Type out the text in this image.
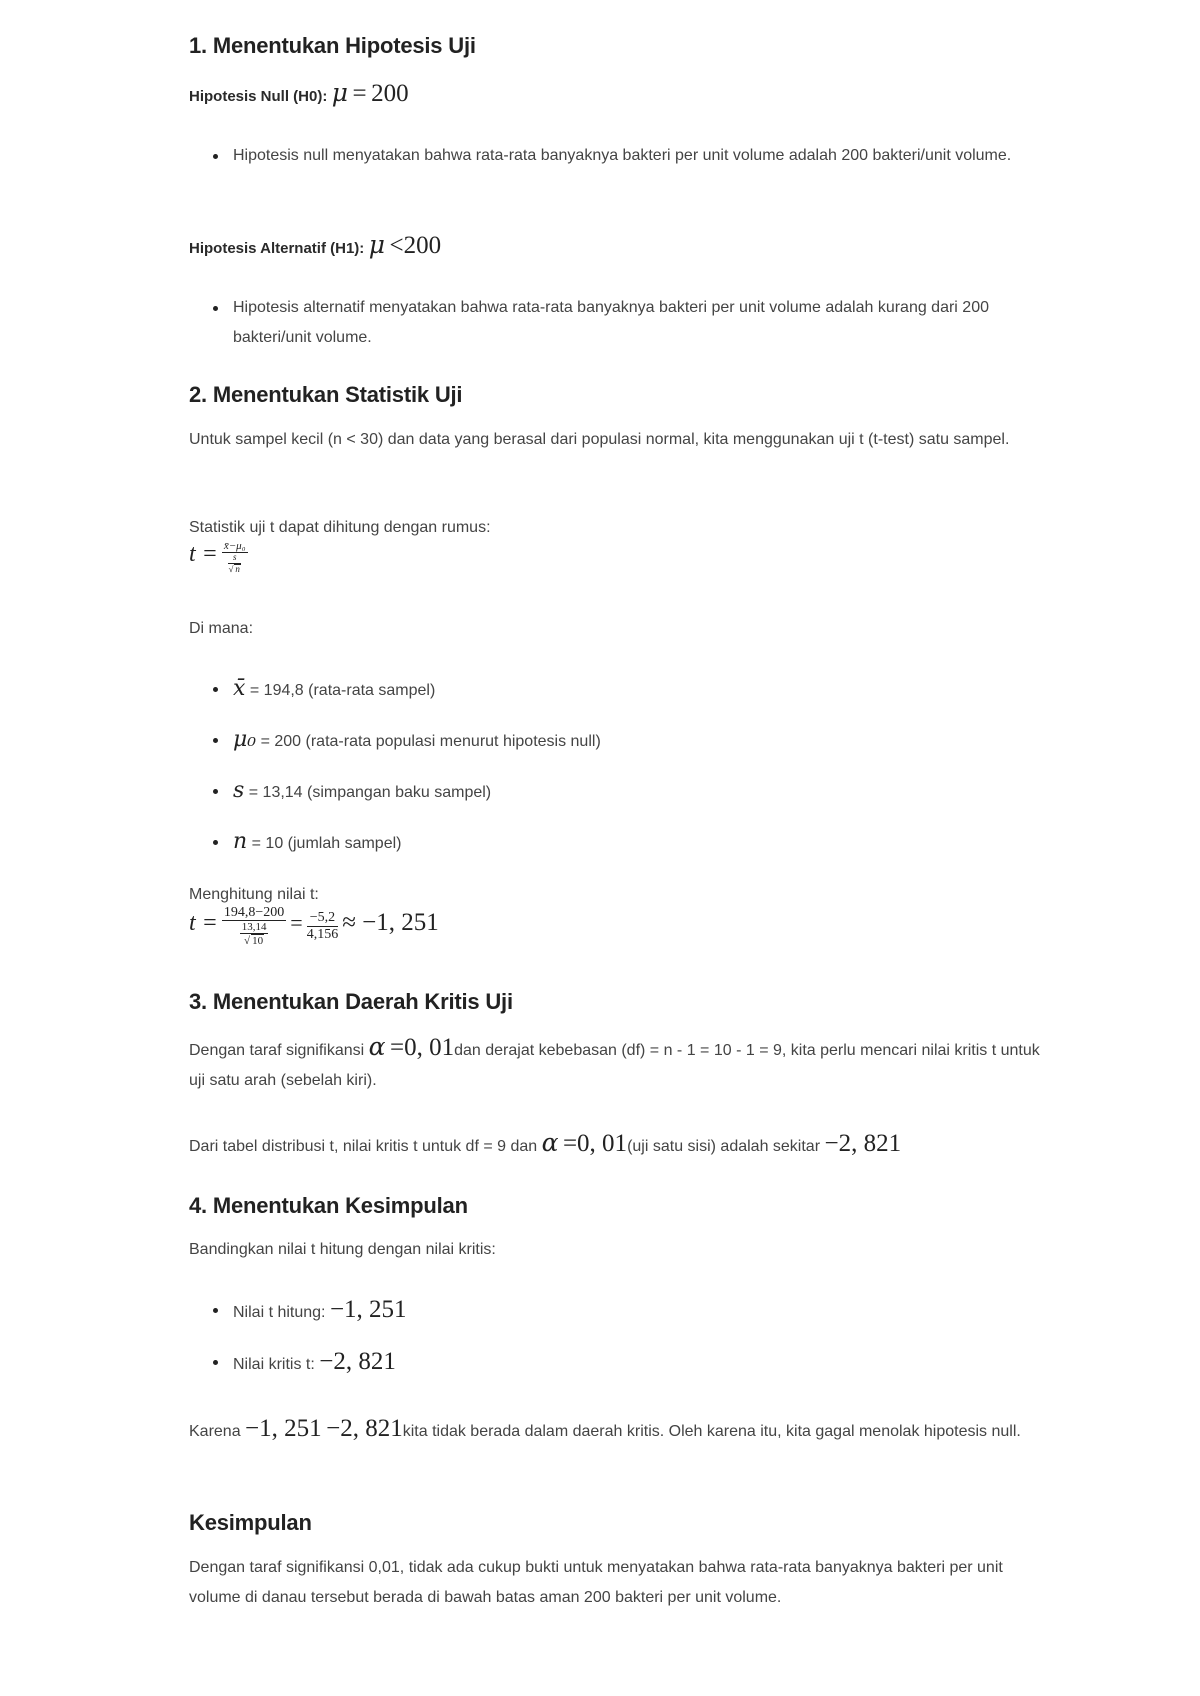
1. Menentukan Hipotesis Uji
Hipotesis Null (H0): μ = 200
Hipotesis null menyatakan bahwa rata-rata banyaknya bakteri per unit volume adalah 200 bakteri/unit volume.
Hipotesis Alternatif (H1): μ <200
Hipotesis alternatif menyatakan bahwa rata-rata banyaknya bakteri per unit volume adalah kurang dari 200 bakteri/unit volume.
2. Menentukan Statistik Uji

Untuk sampel kecil (n < 30) dan data yang berasal dari populasi normal, kita menggunakan uji t (t-test) satu sampel.

Statistik uji t dapat dihitung dengan rumus:

$t = \frac{\text{x̄−μ₀}}{\frac{s}{√ n}}$

Di mana:

x̄ = 194,8 (rata-rata sampel)
μ₀ = 200 (rata-rata populasi menurut hipotesis null)
s = 13,14 (simpangan baku sampel)
n = 10 (jumlah sampel)

Menghitung nilai t:

$t = \frac{194,8-200}{\frac{13,14}{√ 10}} = \frac{-5,2}{4,156} \approx -1$, 251
3. Menentukan Daerah Kritis Uji

Dengan taraf signifikansi α =0, 01dan derajat kebebasan (df) = n - 1 = 10 - 1 = 9, kita perlu mencari nilai kritis t untuk uji satu arah (sebelah kiri).

Dari tabel distribusi t, nilai kritis t untuk df = 9 dan α =0, 01(uji satu sisi) adalah sekitar −2, 821

4. Menentukan Kesimpulan

Bandingkan nilai t hitung dengan nilai kritis:

Nilai t hitung: −1, 251
Nilai kritis t: −2, 821

Karena −1, 251 −2, 821kita tidak berada dalam daerah kritis. Oleh karena itu, kita gagal menolak hipotesis null.

Kesimpulan

Dengan taraf signifikansi 0,01, tidak ada cukup bukti untuk menyatakan bahwa rata-rata banyaknya bakteri per unit volume di danau tersebut berada di bawah batas aman 200 bakteri per unit volume.
